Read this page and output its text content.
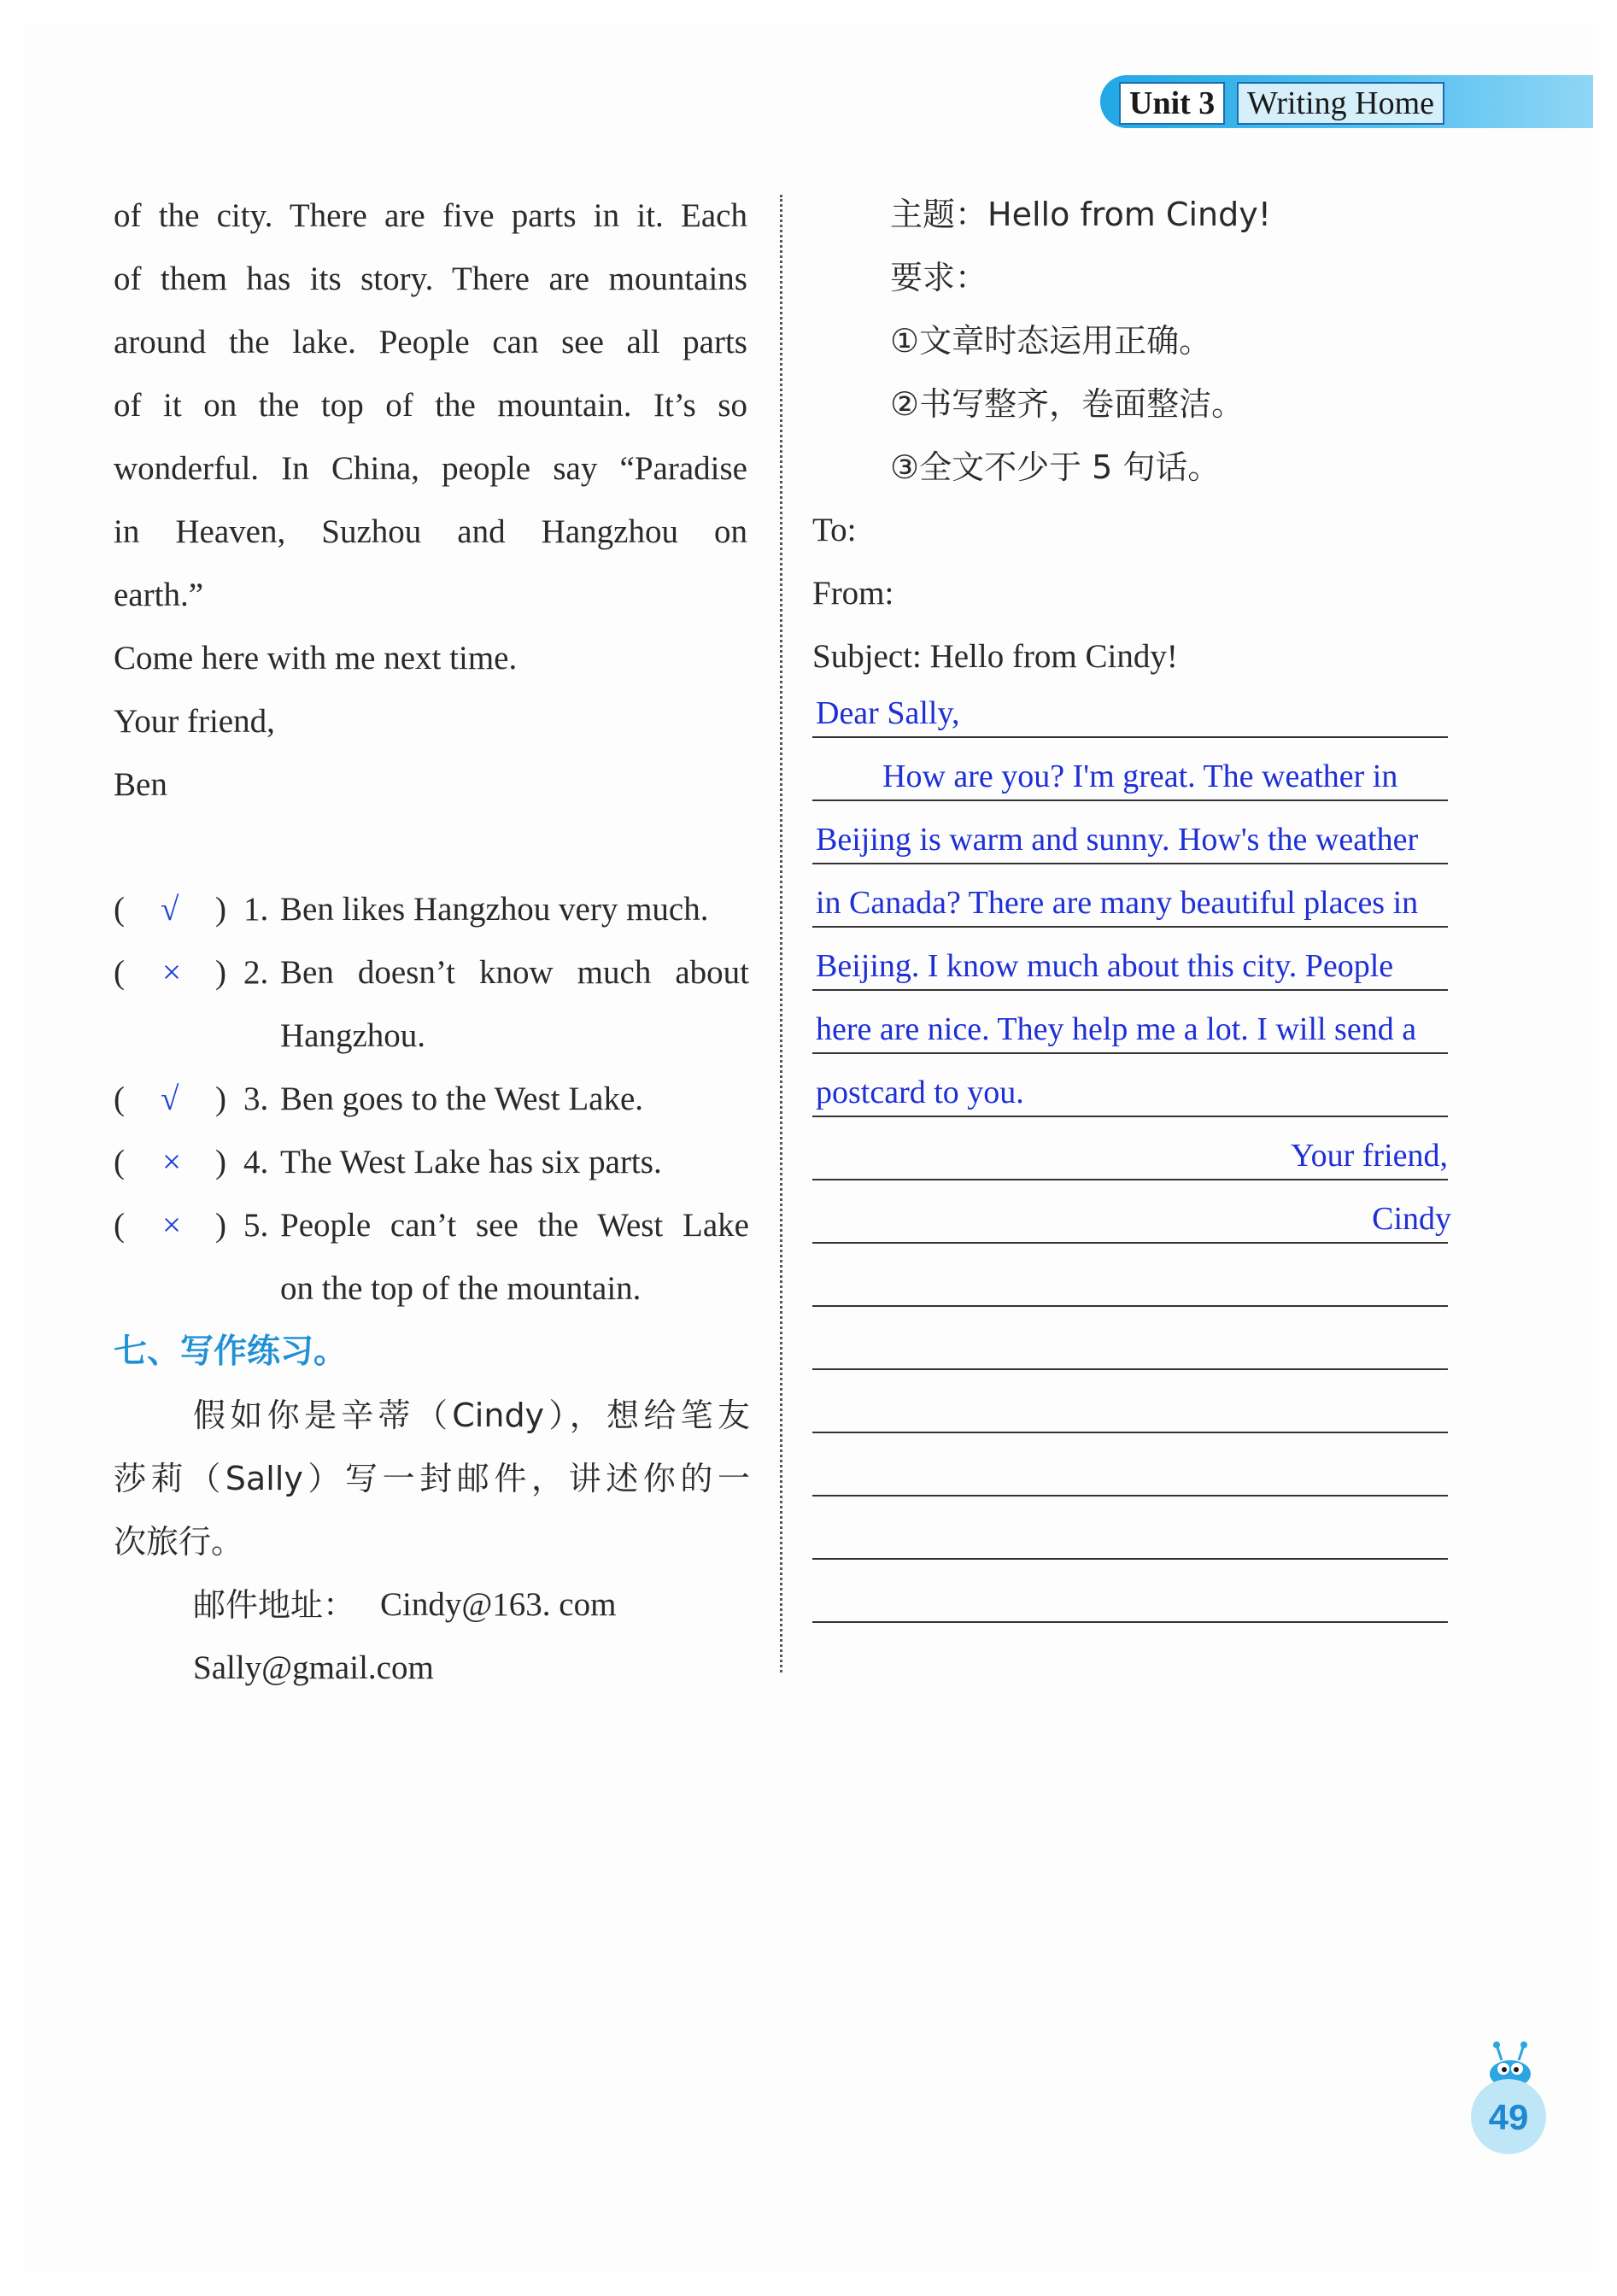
Unit 3 Writing Home
of the city. There are five parts in it. Each
of them has its story. There are mountains
around the lake. People can see all parts
of it on the top of the mountain. It’s so
wonderful. In China, people say “Paradise
in Heaven, Suzhou and Hangzhou on
earth.”
Come here with me next time.
Your friend,
Ben
( √ ) 1. Ben likes Hangzhou very much.
( × ) 2. Ben doesn’t know much about
Hangzhou.
( √ ) 3. Ben goes to the West Lake.
( × ) 4. The West Lake has six parts.
( × ) 5. People can’t see the West Lake
on the top of the mountain.
七、写作练习。
假如你是辛蒂（Cindy），想给笔友
莎莉（Sally）写一封邮件，讲述你的一
次旅行。
邮件地址： Cindy@163. com
Sally@gmail.com
主题：Hello from Cindy!
要求：
①文章时态运用正确。
②书写整齐，卷面整洁。
③全文不少于 5 句话。
To:
From:
Subject: Hello from Cindy!
Dear Sally,
How are you? I'm great. The weather in
Beijing is warm and sunny. How's the weather
in Canada? There are many beautiful places in
Beijing. I know much about this city. People
here are nice. They help me a lot. I will send a
postcard to you.
Your friend,
Cindy
49
